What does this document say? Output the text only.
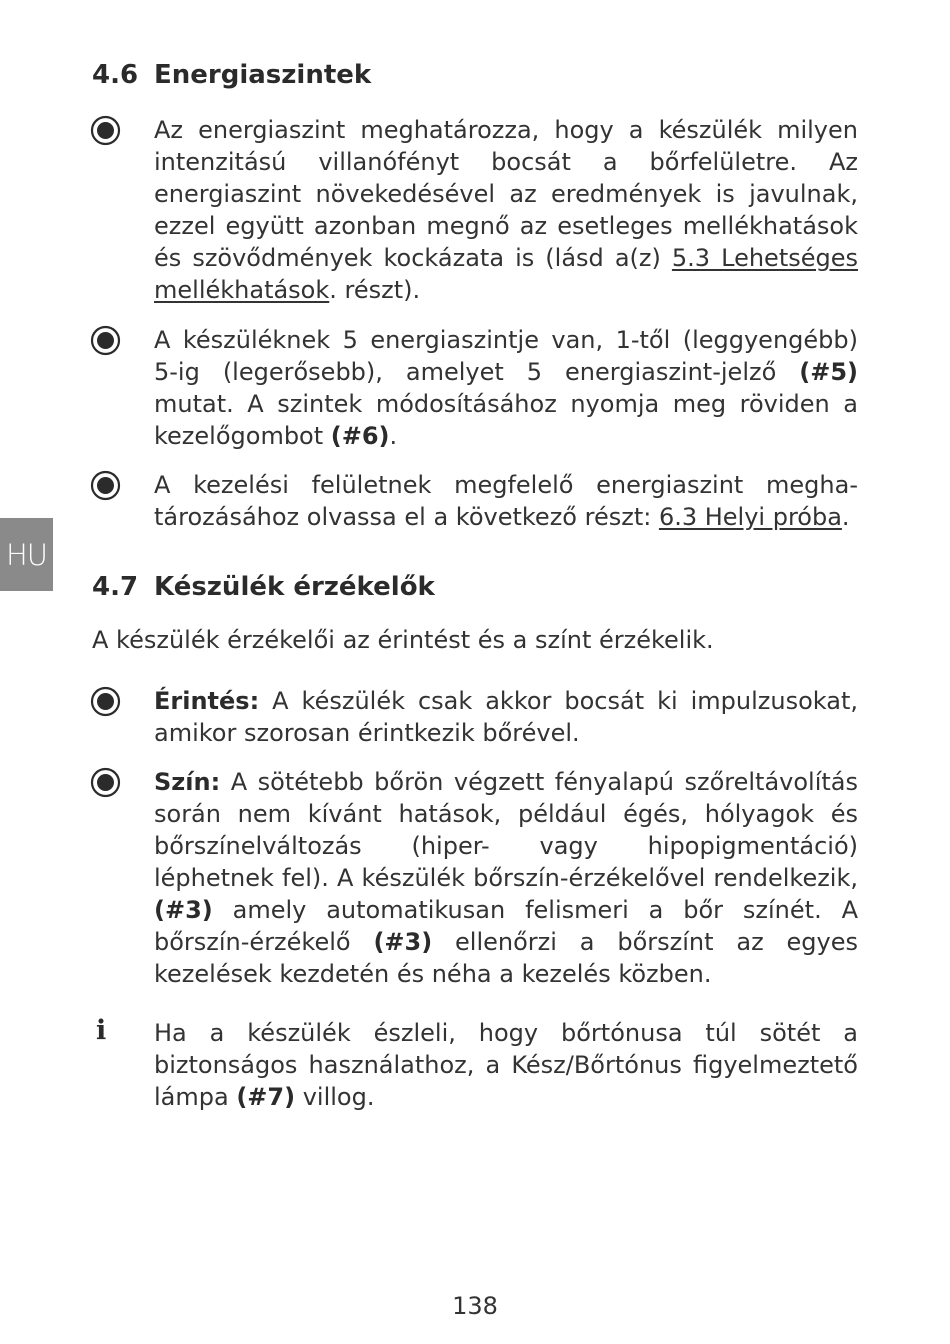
HU
4.6 Energiaszintek
Az energiaszint meghatározza, hogy a készülék milyen intenzitású villanófényt bocsát a bőrfelületre. Az energiaszint növekedésével az eredmények is javulnak, ezzel együtt azonban megnő az esetleges mellékhatások és szövődmények kockázata is (lásd a(z) 5.3 Lehetséges mellékhatások. részt).
A készüléknek 5 energiaszintje van, 1-től (leggyengébb) 5-ig (legerősebb), amelyet 5 energiaszint-jelző (#5) mutat. A szintek módosításához nyomja meg röviden a kezelőgombot (#6).
A kezelési felületnek megfelelő energiaszint meghatározásához olvassa el a következő részt: 6.3 Helyi próba.
4.7 Készülék érzékelők
A készülék érzékelői az érintést és a színt érzékelik.
Érintés: A készülék csak akkor bocsát ki impulzusokat, amikor szorosan érintkezik bőrével.
Szín: A sötétebb bőrön végzett fényalapú szőreltávolítás során nem kívánt hatások, például égés, hólyagok és bőrszínelváltozás (hiper- vagy hipopigmentáció) léphetnek fel). A készülék bőrszín-érzékelővel rendelkezik, (#3) amely automatikusan felismeri a bőr színét. A bőrszín-érzékelő (#3) ellenőrzi a bőrszínt az egyes kezelések kezdetén és néha a kezelés közben.
i Ha a készülék észleli, hogy bőrtónusa túl sötét a biztonságos használathoz, a Kész/Bőrtónus figyelmeztető lámpa (#7) villog.
138
